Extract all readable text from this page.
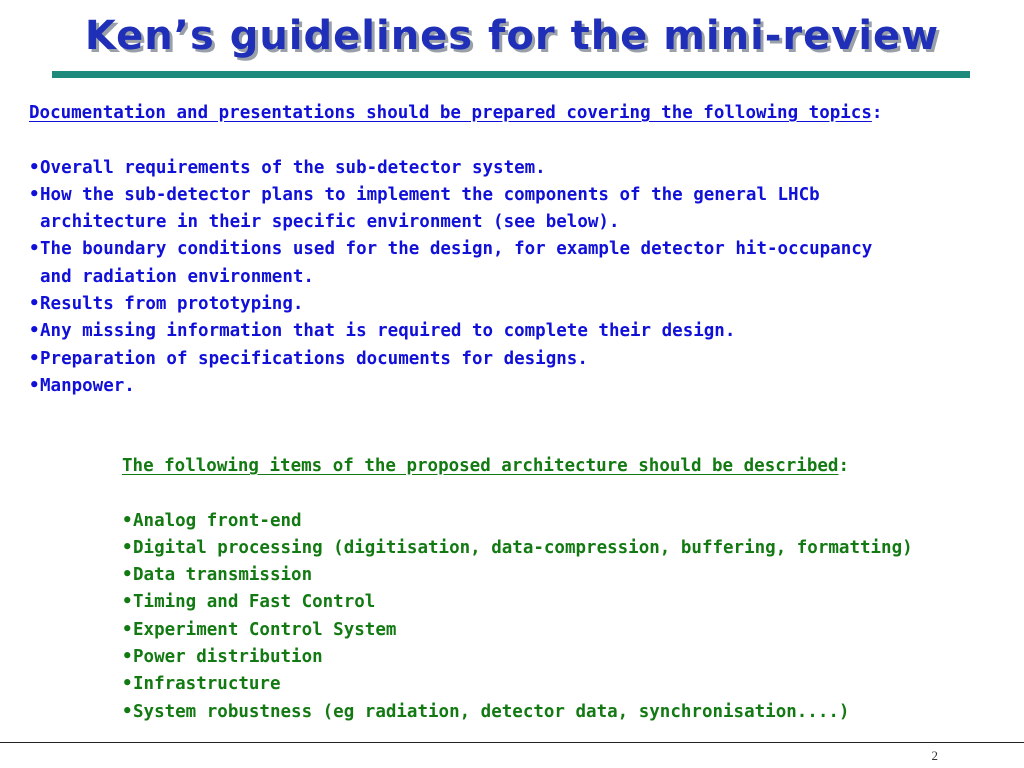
Ken’s guidelines for the mini-review
Documentation and presentations should be prepared covering the following topics:
• Overall requirements of the sub-detector system.
• How the sub-detector plans to implement the components of the general LHCb
architecture in their specific environment (see below).
• The boundary conditions used for the design, for example detector hit-occupancy
and radiation environment.
• Results from prototyping.
• Any missing information that is required to complete their design.
• Preparation of specifications documents for designs.
• Manpower.
The following items of the proposed architecture should be described:
• Analog front-end
• Digital processing (digitisation, data-compression, buffering, formatting)
• Data transmission
• Timing and Fast Control
• Experiment Control System
• Power distribution
• Infrastructure
• System robustness (eg radiation, detector data, synchronisation....)
2
